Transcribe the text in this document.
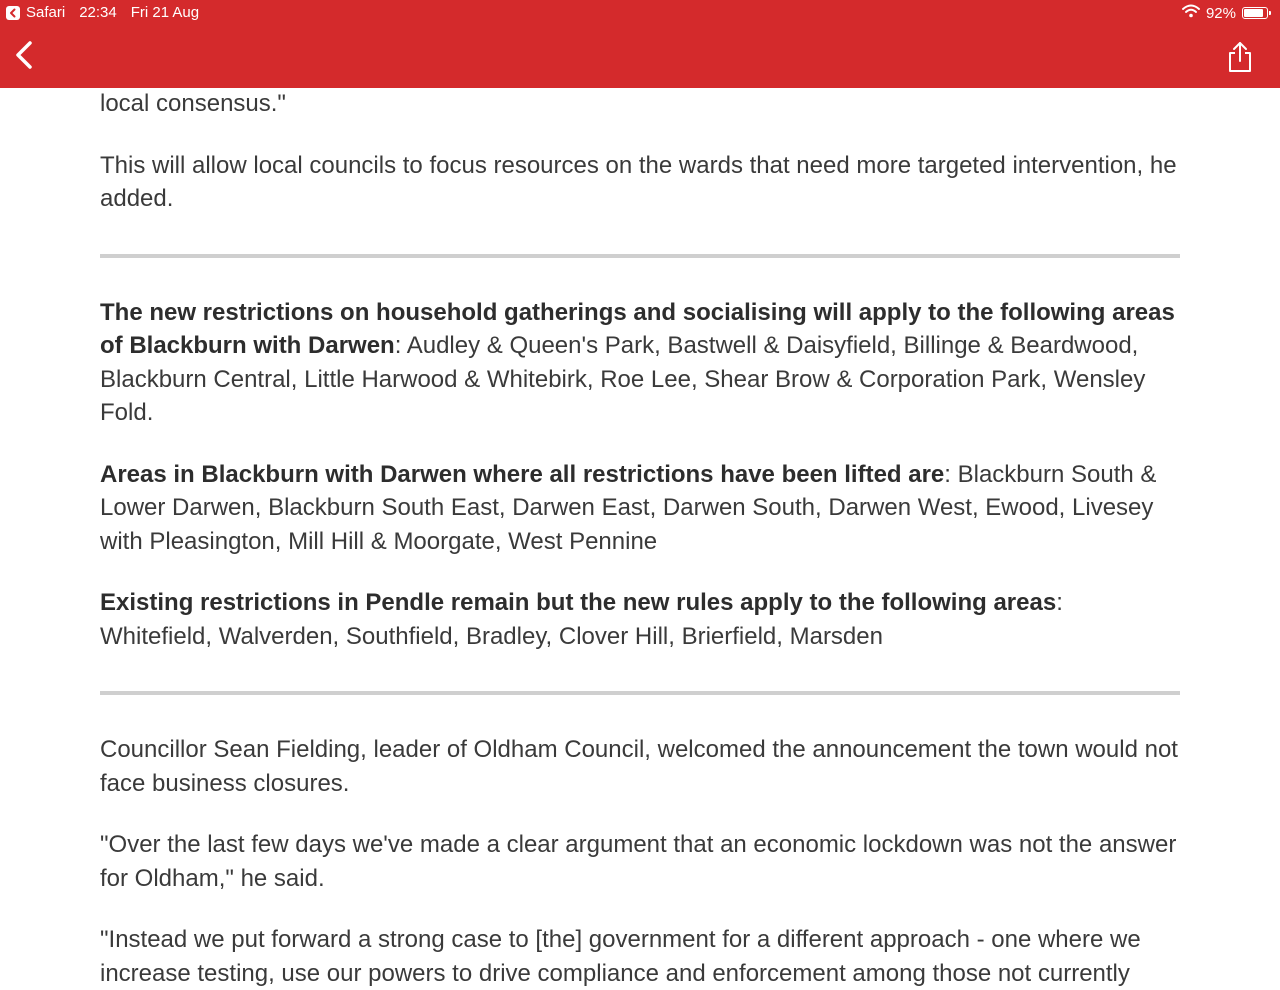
Safari 22:34 Fri 21 Aug	92%

local consensus."

This will allow local councils to focus resources on the wards that need more targeted intervention, he added.

The new restrictions on household gatherings and socialising will apply to the following areas of Blackburn with Darwen: Audley & Queen's Park, Bastwell & Daisyfield, Billinge & Beardwood, Blackburn Central, Little Harwood & Whitebirk, Roe Lee, Shear Brow & Corporation Park, Wensley Fold.

Areas in Blackburn with Darwen where all restrictions have been lifted are: Blackburn South & Lower Darwen, Blackburn South East, Darwen East, Darwen South, Darwen West, Ewood, Livesey with Pleasington, Mill Hill & Moorgate, West Pennine

Existing restrictions in Pendle remain but the new rules apply to the following areas: Whitefield, Walverden, Southfield, Bradley, Clover Hill, Brierfield, Marsden

Councillor Sean Fielding, leader of Oldham Council, welcomed the announcement the town would not face business closures.

"Over the last few days we've made a clear argument that an economic lockdown was not the answer for Oldham," he said.

"Instead we put forward a strong case to [the] government for a different approach - one where we increase testing, use our powers to drive compliance and enforcement among those not currently
